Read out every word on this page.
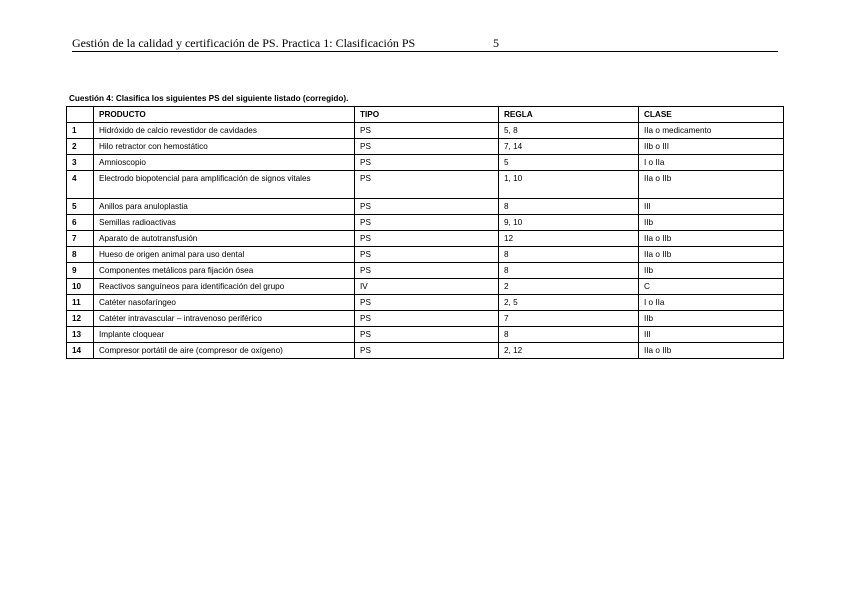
Gestión de la calidad y certificación de PS. Practica 1: Clasificación PS	5
Cuestión 4: Clasifica los siguientes PS del siguiente listado (corregido).
	PRODUCTO	TIPO	REGLA	CLASE
1	Hidróxido de calcio revestidor de cavidades	PS	5, 8	IIa o medicamento
2	Hilo retractor con hemostático	PS	7, 14	IIb o III
3	Amnioscopio	PS	5	I o IIa
4	Electrodo biopotencial para amplificación de signos vitales	PS	1, 10	IIa o IIb
5	Anillos para anuloplastia	PS	8	III
6	Semillas radioactivas	PS	9, 10	IIb
7	Aparato de autotransfusión	PS	12	IIa o IIb
8	Hueso de origen animal para uso dental	PS	8	IIa o IIb
9	Componentes metálicos para fijación ósea	PS	8	IIb
10	Reactivos sanguíneos para identificación del grupo	IV	2	C
11	Catéter nasofaríngeo	PS	2, 5	I o IIa
12	Catéter intravascular – intravenoso periférico	PS	7	IIb
13	Implante cloquear	PS	8	III
14	Compresor portátil de aire (compresor de oxígeno)	PS	2, 12	IIa o IIb
